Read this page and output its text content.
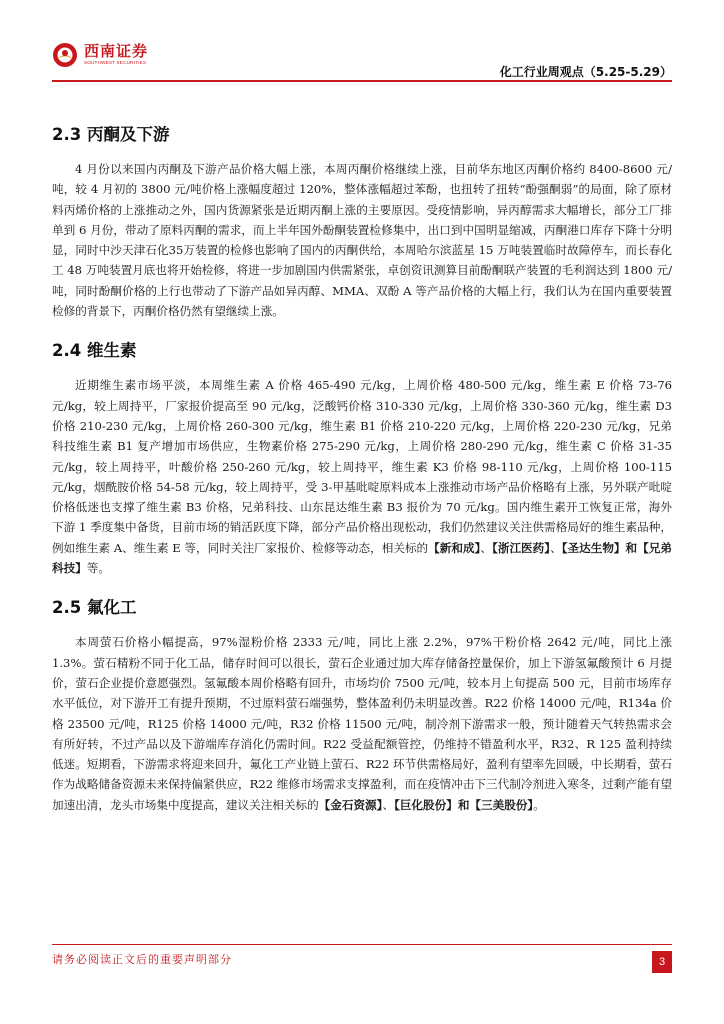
西南证券
SOUTHWEST SECURITIES
化工行业周观点（5.25-5.29）
2.3 丙酮及下游

4 月份以来国内丙酮及下游产品价格大幅上涨，本周丙酮价格继续上涨，目前华东地区丙酮价格约 8400-8600 元/吨，较 4 月初的 3800 元/吨价格上涨幅度超过 120%，整体涨幅超过苯酚，也扭转了扭转“酚强酮弱”的局面，除了原材料丙烯价格的上涨推动之外，国内货源紧张是近期丙酮上涨的主要原因。受疫情影响，异丙醇需求大幅增长，部分工厂排单到 6 月份，带动了原料丙酮的需求，而上半年国外酚酮装置检修集中，出口到中国明显缩减，丙酮港口库存下降十分明显，同时中沙天津石化35万装置的检修也影响了国内的丙酮供给，本周哈尔滨蓝星 15 万吨装置临时故障停车，而长春化工 48 万吨装置月底也将开始检修，将进一步加剧国内供需紧张，卓创资讯测算目前酚酮联产装置的毛利润达到 1800 元/吨，同时酚酮价格的上行也带动了下游产品如异丙醇、MMA、双酚 A 等产品价格的大幅上行，我们认为在国内重要装置检修的背景下，丙酮价格仍然有望继续上涨。

2.4 维生素

近期维生素市场平淡，本周维生素 A 价格 465-490 元/kg，上周价格 480-500 元/kg，维生素 E 价格 73-76 元/kg，较上周持平，厂家报价提高至 90 元/kg，泛酸钙价格 310-330 元/kg，上周价格 330-360 元/kg，维生素 D3 价格 210-230 元/kg，上周价格 260-300 元/kg，维生素 B1 价格 210-220 元/kg，上周价格 220-230 元/kg，兄弟科技维生素 B1 复产增加市场供应，生物素价格 275-290 元/kg，上周价格 280-290 元/kg，维生素 C 价格 31-35 元/kg，较上周持平，叶酸价格 250-260 元/kg，较上周持平，维生素 K3 价格 98-110 元/kg，上周价格 100-115 元/kg，烟酰胺价格 54-58 元/kg，较上周持平，受 3-甲基吡啶原料成本上涨推动市场产品价格略有上涨，另外联产吡啶价格低迷也支撑了维生素 B3 价格，兄弟科技、山东昆达维生素 B3 报价为 70 元/kg。国内维生素开工恢复正常，海外下游 1 季度集中备货，目前市场的销活跃度下降，部分产品价格出现松动，我们仍然建议关注供需格局好的维生素品种，例如维生素 A、维生素 E 等，同时关注厂家报价、检修等动态，相关标的【新和成】、【浙江医药】、【圣达生物】和【兄弟科技】等。

2.5 氟化工

本周萤石价格小幅提高，97%湿粉价格 2333 元/吨，同比上涨 2.2%，97%干粉价格 2642 元/吨，同比上涨 1.3%。萤石精粉不同于化工品，储存时间可以很长，萤石企业通过加大库存储备控量保价，加上下游氢氟酸预计 6 月提价，萤石企业提价意愿强烈。氢氟酸本周价格略有回升，市场均价 7500 元/吨，较本月上旬提高 500 元，目前市场库存水平低位，对下游开工有提升预期，不过原料萤石端强势，整体盈利仍未明显改善。R22 价格 14000 元/吨，R134a 价格 23500 元/吨，R125 价格 14000 元/吨，R32 价格 11500 元/吨，制冷剂下游需求一般，预计随着天气转热需求会有所好转，不过产品以及下游端库存消化仍需时间。R22 受益配额管控，仍维持不错盈利水平，R32、R 125 盈利持续低迷。短期看，下游需求将迎来回升，氟化工产业链上萤石、R22 环节供需格局好，盈利有望率先回暖，中长期看，萤石作为战略储备资源未来保持偏紧供应，R22 维修市场需求支撑盈利，而在疫情冲击下三代制冷剂进入寒冬，过剩产能有望加速出清，龙头市场集中度提高，建议关注相关标的【金石资源】、【巨化股份】和【三美股份】。

请务必阅读正文后的重要声明部分	3
